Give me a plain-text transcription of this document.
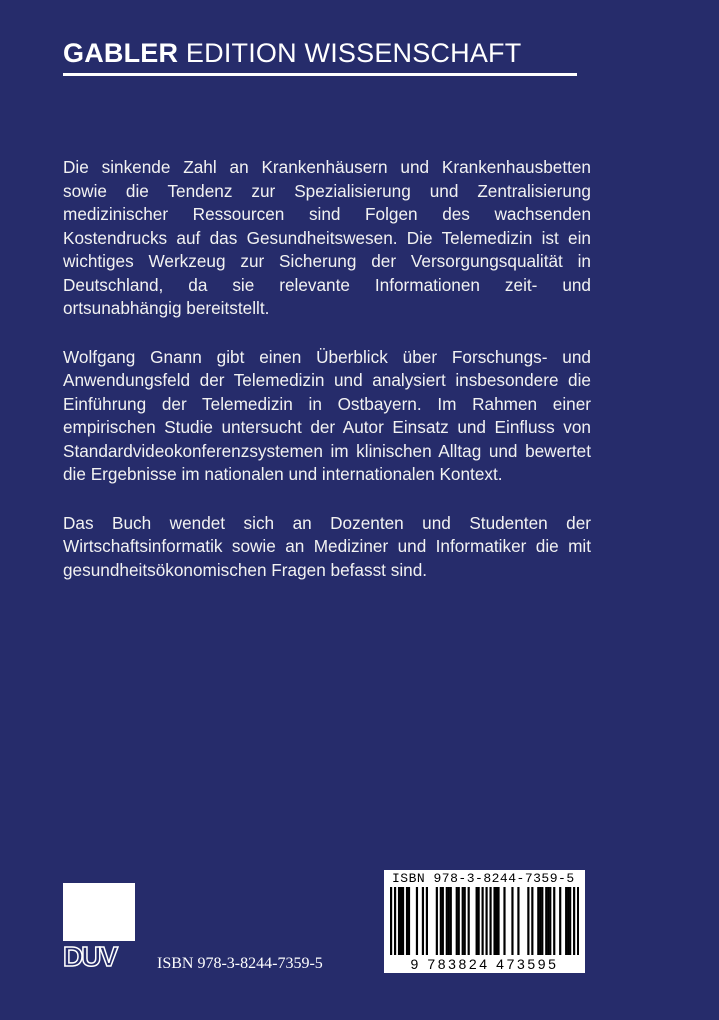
GABLER EDITION WISSENSCHAFT

Die sinkende Zahl an Krankenhäusern und Krankenhausbetten sowie die Tendenz zur Spezialisierung und Zentralisierung medizinischer Ressourcen sind Folgen des wachsenden Kostendrucks auf das Gesundheitswesen. Die Telemedizin ist ein wichtiges Werkzeug zur Sicherung der Versorgungsqualität in Deutschland, da sie relevante Informationen zeit- und ortsunabhängig bereitstellt.

Wolfgang Gnann gibt einen Überblick über Forschungs- und Anwendungsfeld der Telemedizin und analysiert insbesondere die Einführung der Telemedizin in Ostbayern. Im Rahmen einer empirischen Studie untersucht der Autor Einsatz und Einfluss von Standardvideokonferenzsystemen im klinischen Alltag und bewertet die Ergebnisse im nationalen und internationalen Kontext.

Das Buch wendet sich an Dozenten und Studenten der Wirtschaftsinformatik sowie an Mediziner und Informatiker die mit gesundheitsökonomischen Fragen befasst sind.

DUV	ISBN 978-3-8244-7359-5
ISBN 978-3-8244-7359-5
9 783824 473595
